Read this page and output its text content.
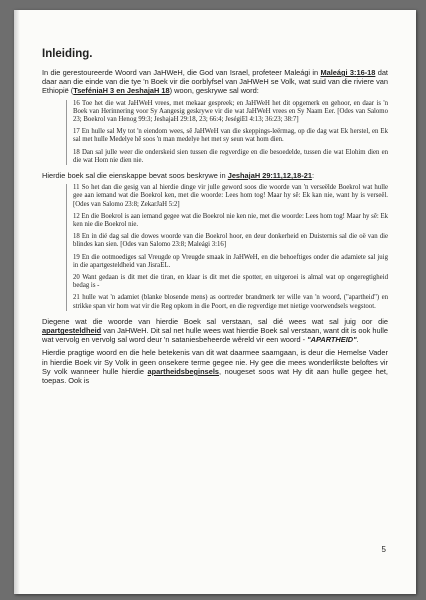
Inleiding.

In die gerestoureerde Woord van JaHWeH, die God van Israel, profeteer Maleági in Maleági 3:16-18 dat daar aan die einde van die tye 'n Boek vir die oorblyfsel van JaHWeH se Volk, wat suid van die riviere van Ethiopië (TseféniaH 3 en JeshajaH 18) woon, geskrywe sal word:

16 Toe het die wat JaHWeH vrees, met mekaar gespreek; en JaHWeH het dit opgemerk en gehoor, en daar is 'n Boek van Herinnering voor Sy Aangesig geskrywe vir die wat JaHWeH vrees en Sy Naam Eer. [Odes van Salomo 23; Boekrol van Henog 99:3; JeshajaH 29:18, 23; 66:4; JeségiEl 4:13; 36:23; 38:7]

17 En hulle sal My tot 'n eiendom wees, sê JaHWeH van die skeppings-leërmag, op die dag wat Ek herstel, en Ek sal met hulle Medelye hê soos 'n man medelye het met sy seun wat hom dien.

18 Dan sal julle weer die onderskeid sien tussen die regverdige en die besoedelde, tussen die wat Elohim dien en die wat Hom nie dien nie.

Hierdie boek sal die eienskappe bevat soos beskrywe in JeshajaH 29:11,12,18-21:

11 So het dan die gesig van al hierdie dinge vir julle geword soos die woorde van 'n verseëlde Boekrol wat hulle gee aan iemand wat die Boekrol ken, met die woorde: Lees hom tog! Maar hy sê: Ek kan nie, want hy is verseël. [Odes van Salomo 23:8; ZekarJaH 5:2]

12 En die Boekrol is aan iemand gegee wat die Boekrol nie ken nie, met die woorde: Lees hom tog! Maar hy sê: Ek ken nie die Boekrol nie.

18 En in dié dag sal die dowes woorde van die Boekrol hoor, en deur donkerheid en Duisternis sal die oë van die blindes kan sien. [Odes van Salomo 23:8; Maleági 3:16]

19 En die ootmoediges sal Vreugde op Vreugde smaak in JaHWeH, en die behoeftiges onder die adamiete sal juig in die apartgesteldheid van JisraEL.

20 Want gedaan is dit met die tiran, en klaar is dit met die spotter, en uitgeroei is almal wat op ongeregtigheid bedag is -

21 hulle wat 'n adamiet (blanke blosende mens) as oortreder brandmerk ter wille van 'n woord, ("apartheid") en strikke span vir hom wat vir die Reg opkom in die Poort, en die regverdige met nietige voorwendsels wegstoot.

Diegene wat die woorde van hierdie Boek sal verstaan, sal dié wees wat sal juig oor die apartgesteldheid van JaHWeH. Dit sal net hulle wees wat hierdie Boek sal verstaan, want dit is ook hulle wat vervolg en vervolg sal word deur 'n sataniesbeheerde wêreld vir een woord - "APARTHEID".

Hierdie pragtige woord en die hele betekenis van dit wat daarmee saamgaan, is deur die Hemelse Vader in hierdie Boek vir Sy Volk in geen onsekere terme gegee nie. Hy gee die mees wonderlikste beloftes vir Sy volk wanneer hulle hierdie apartheidsbeginsels, nougeset soos wat Hy dit aan hulle gegee het, toepas. Ook is

5
